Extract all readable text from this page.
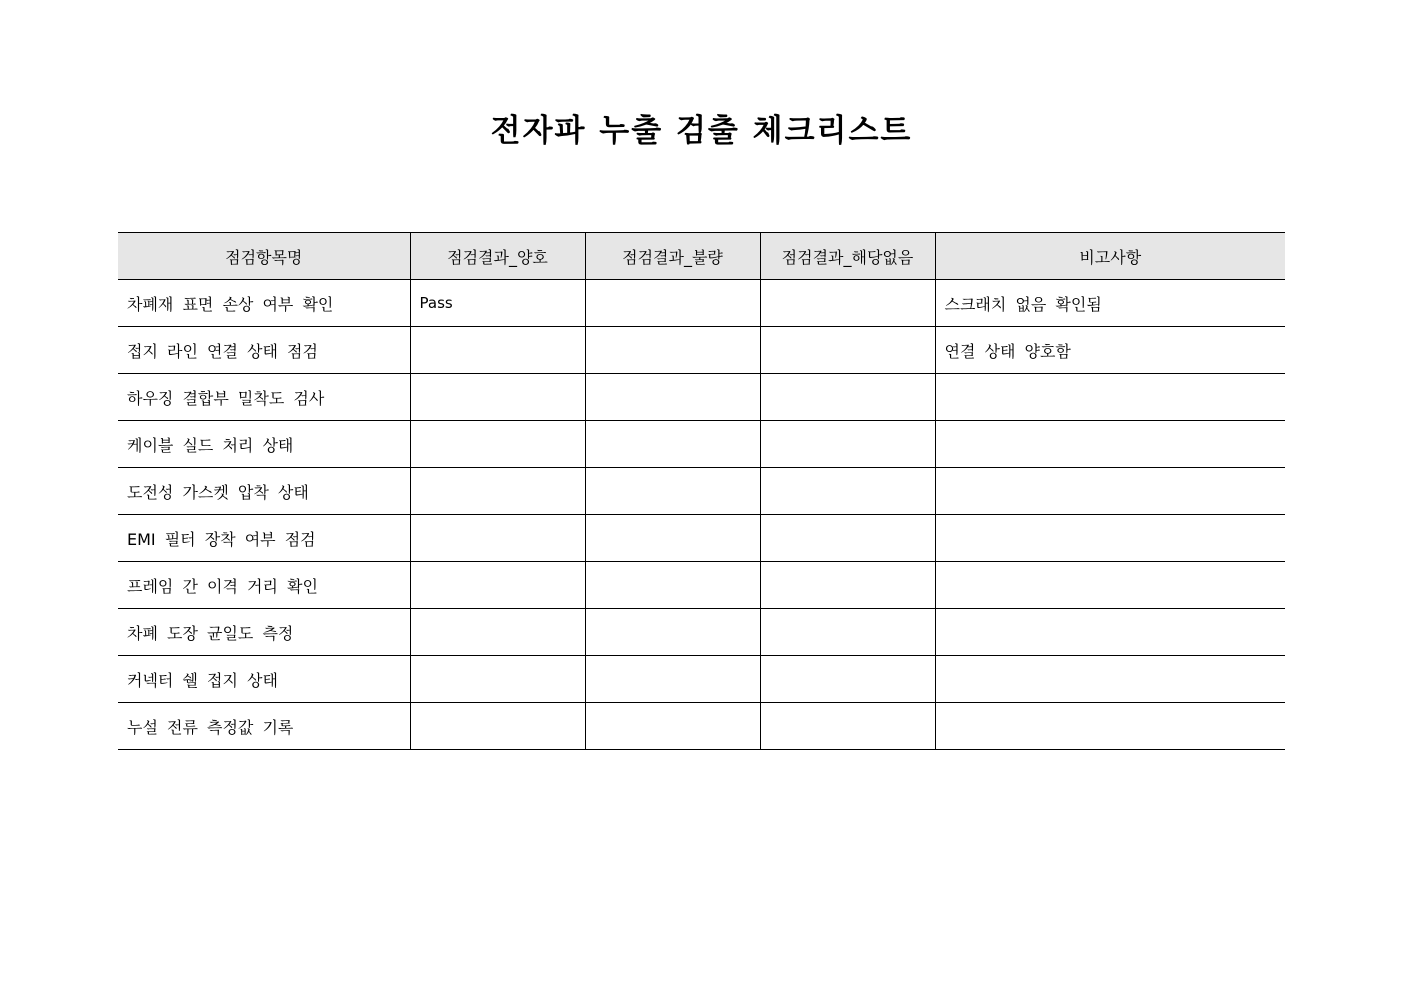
전자파 누출 검출 체크리스트
점검항목명	점검결과_양호	점검결과_불량	점검결과_해당없음	비고사항
차폐재 표면 손상 여부 확인	Pass			스크래치 없음 확인됨
접지 라인 연결 상태 점검				연결 상태 양호함
하우징 결합부 밀착도 검사				
케이블 실드 처리 상태				
도전성 가스켓 압착 상태				
EMI 필터 장착 여부 점검				
프레임 간 이격 거리 확인				
차폐 도장 균일도 측정				
커넥터 쉘 접지 상태				
누설 전류 측정값 기록				
